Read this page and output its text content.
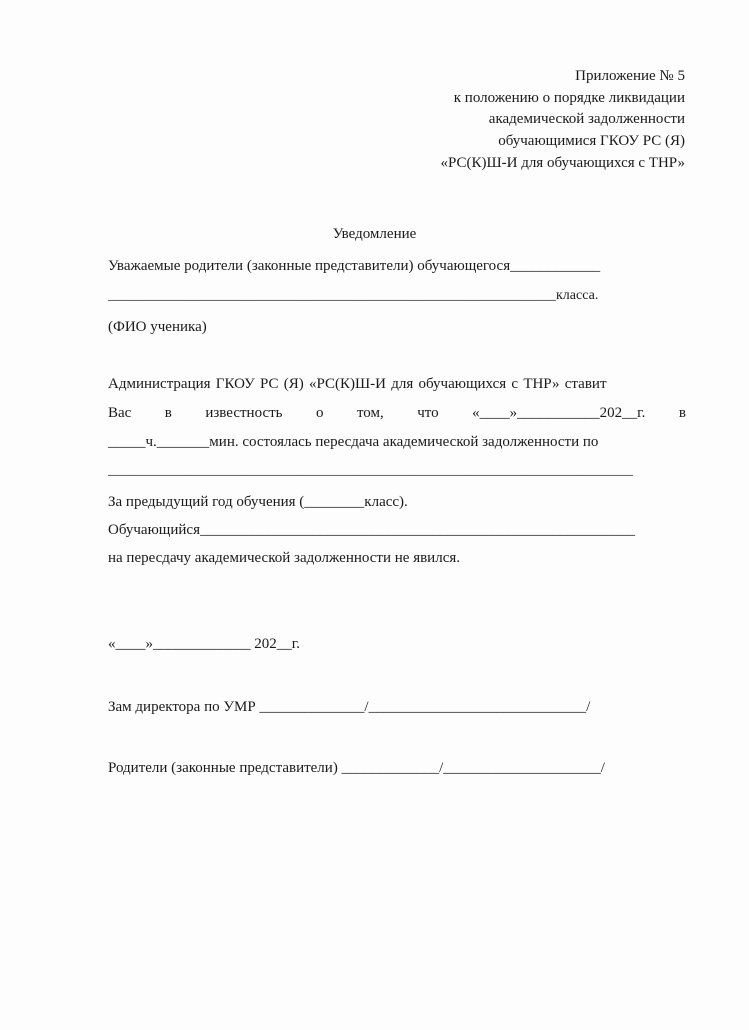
Приложение № 5
к положению о порядке ликвидации
академической задолженности
обучающимися ГКОУ РС (Я)
«РС(К)Ш-И для обучающихся с ТНР»
Уведомление
Уважаемые родители (законные представители) обучающегося____________
________________________________________________________________класса.
(ФИО ученика)
Администрация ГКОУ РС (Я) «РС(К)Ш-И для обучающихся с ТНР» ставит
Вас в известность о том, что «____»___________202__г. в
_____ч._______мин. состоялась пересдача академической задолженности по
___________________________________________________________________________
За предыдущий год обучения (________класс).
Обучающийся__________________________________________________________
на пересдачу академической задолженности не явился.
«____»_____________ 202__г.
Зам директора по УМР ______________/_____________________________/
Родители (законные представители) _____________/_____________________/
